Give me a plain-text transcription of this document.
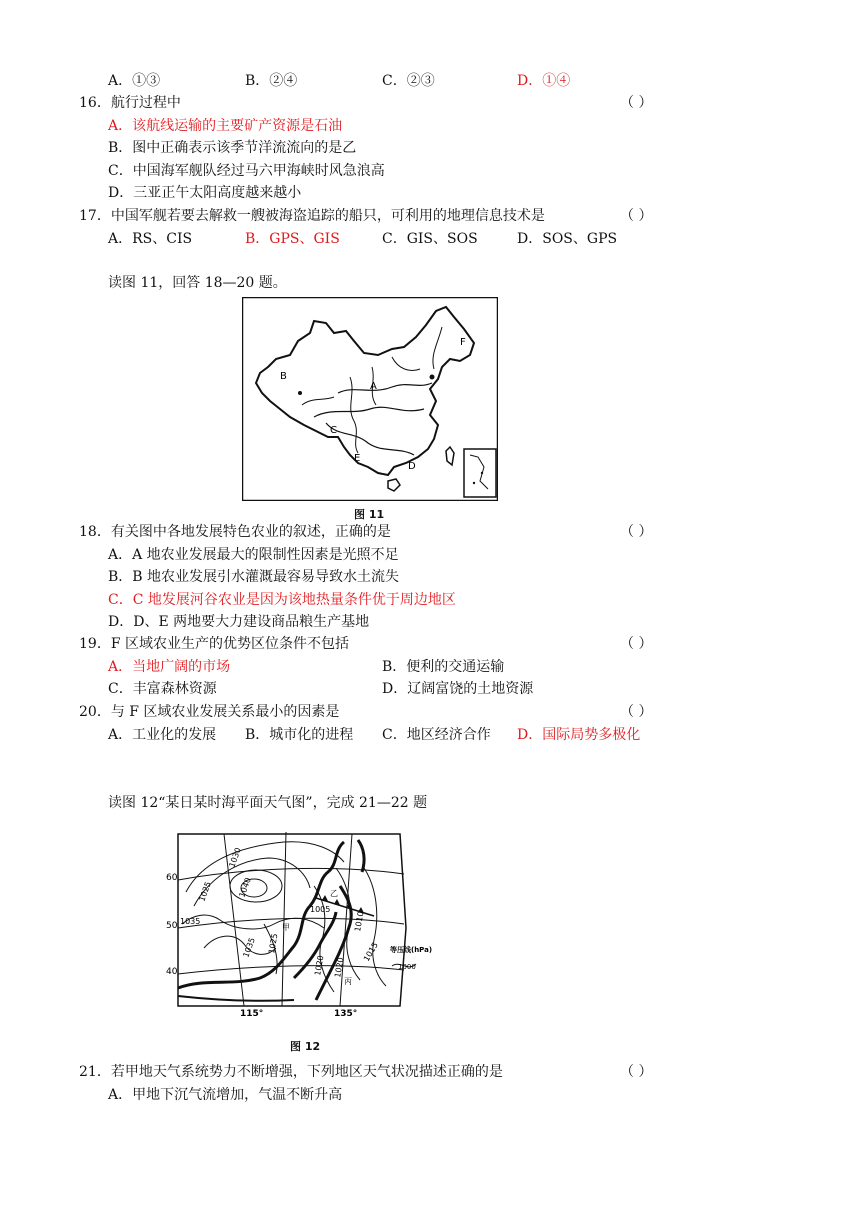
A．①③	B．②④	C．②③	D．①④
16．航行过程中	（ ）
A．该航线运输的主要矿产资源是石油
B．图中正确表示该季节洋流流向的是乙
C．中国海军舰队经过马六甲海峡时风急浪高
D．三亚正午太阳高度越来越小
17．中国军舰若要去解救一艘被海盗追踪的船只，可利用的地理信息技术是	（ ）
A．RS、CIS	B．GPS、GIS	C．GIS、SOS	D．SOS、GPS
读图 11，回答 18—20 题。
B
A
C
D
E
F
图 11
18．有关图中各地发展特色农业的叙述，正确的是	（ ）
A．A 地农业发展最大的限制性因素是光照不足
B．B 地农业发展引水灌溉最容易导致水土流失
C．C 地发展河谷农业是因为该地热量条件优于周边地区
D．D、E 两地要大力建设商品粮生产基地
19．F 区域农业生产的优势区位条件不包括	（ ）
A．当地广阔的市场	B．便利的交通运输
C．丰富森林资源	D．辽阔富饶的土地资源
20．与 F 区域农业发展关系最小的因素是	（ ）
A．工业化的发展 B．城市化的进程 C．地区经济合作 D．国际局势多极化
读图 12“某日某时海平面天气图”，完成 21—22 题
60
50
40
115°	135°
1030
1025	1040
1035
1025
1035
1020
1005
1010
1015
1020
甲
乙
丙
等压线(hPa)
1000
图 12
21．若甲地天气系统势力不断增强，下列地区天气状况描述正确的是	（ ）
A．甲地下沉气流增加，气温不断升高
